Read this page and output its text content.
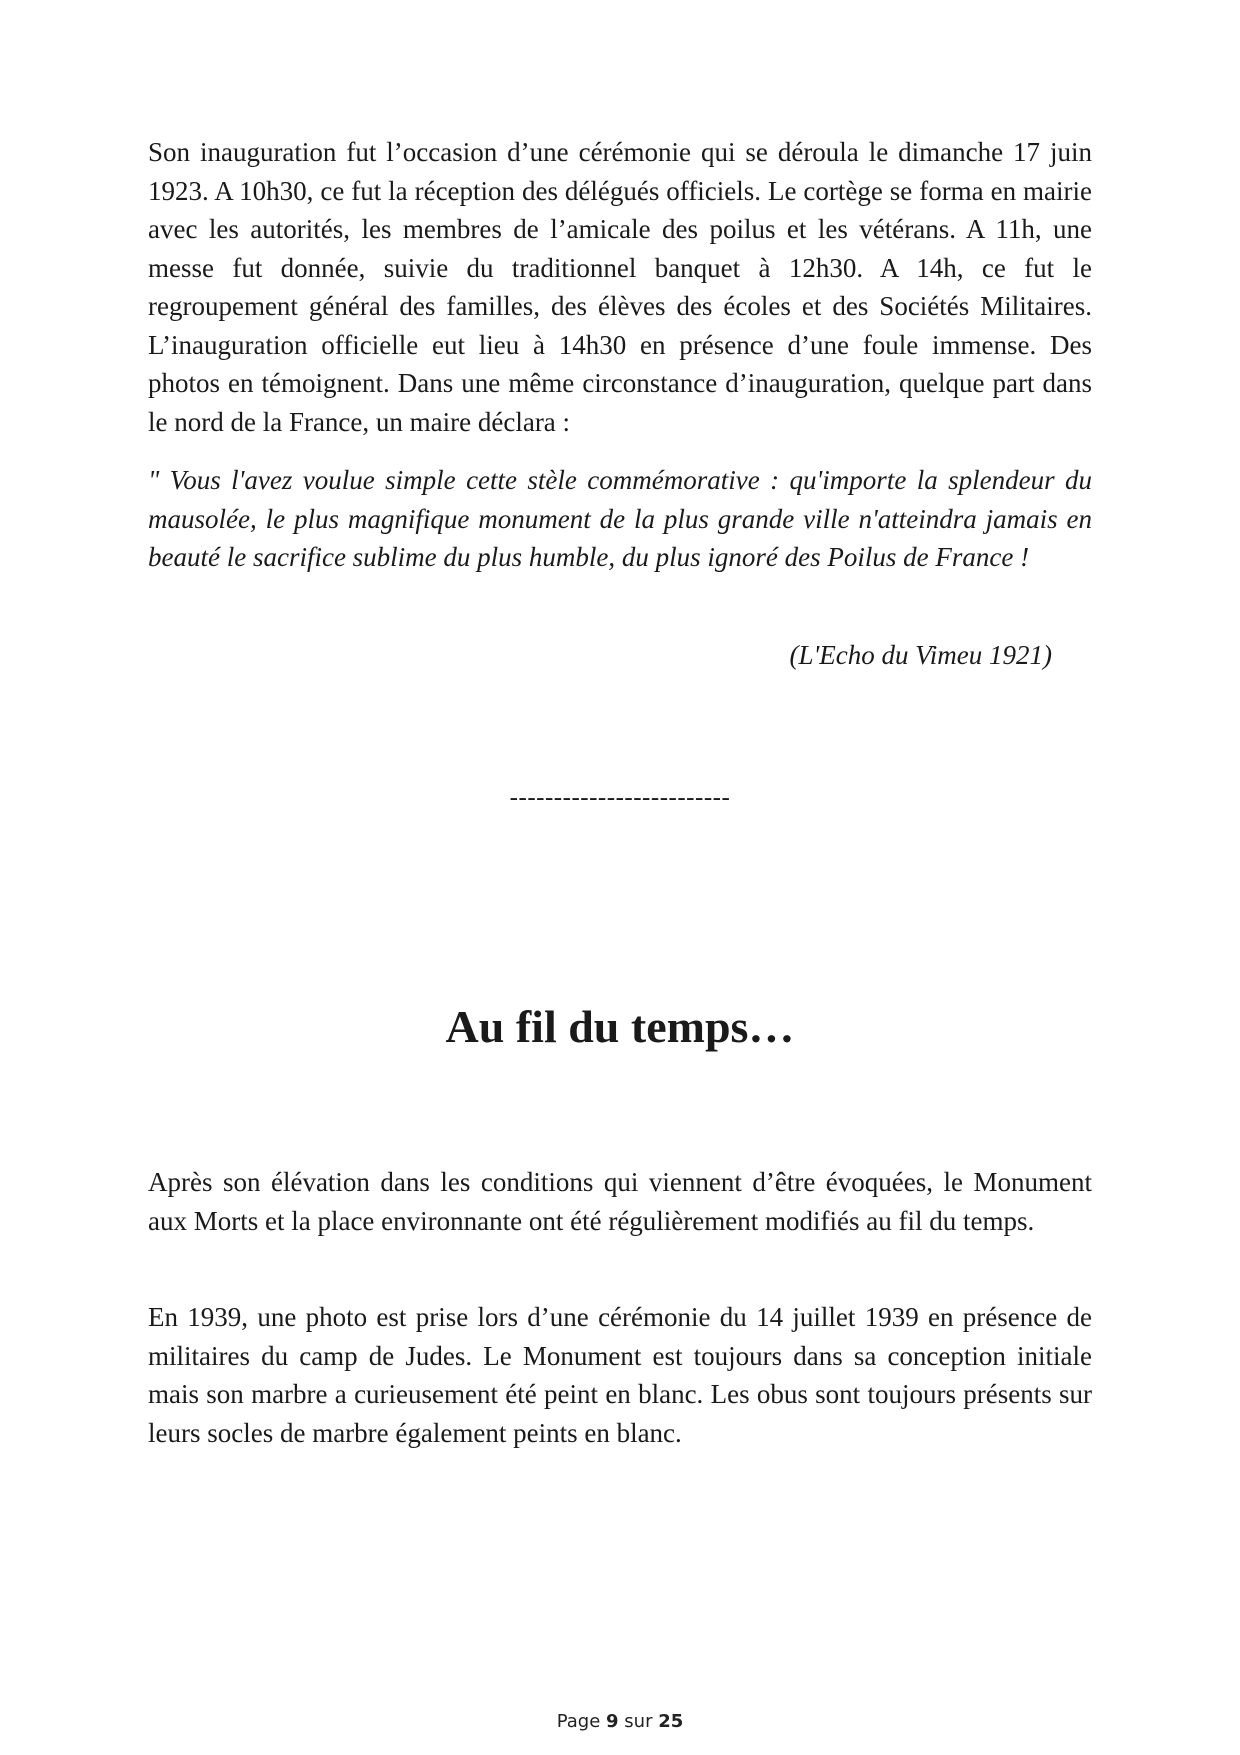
Son inauguration fut l’occasion d’une cérémonie qui se déroula le dimanche 17 juin 1923. A 10h30, ce fut la réception des délégués officiels. Le cortège se forma en mairie avec les autorités, les membres de l’amicale des poilus et les vétérans. A 11h, une messe fut donnée, suivie du traditionnel banquet à 12h30. A 14h, ce fut le regroupement général des familles, des élèves des écoles et des Sociétés Militaires. L’inauguration officielle eut lieu à 14h30 en présence d’une foule immense. Des photos en témoignent. Dans une même circonstance d’inauguration, quelque part dans le nord de la France, un maire déclara :

" Vous l'avez voulue simple cette stèle commémorative : qu'importe la splendeur du mausolée, le plus magnifique monument de la plus grande ville n'atteindra jamais en beauté le sacrifice sublime du plus humble, du plus ignoré des Poilus de France !

(L'Echo du Vimeu 1921)

-------------------------

Au fil du temps…

Après son élévation dans les conditions qui viennent d’être évoquées, le Monument aux Morts et la place environnante ont été régulièrement modifiés au fil du temps.

En 1939, une photo est prise lors d’une cérémonie du 14 juillet 1939 en présence de militaires du camp de Judes. Le Monument est toujours dans sa conception initiale mais son marbre a curieusement été peint en blanc. Les obus sont toujours présents sur leurs socles de marbre également peints en blanc.

Page 9 sur 25
